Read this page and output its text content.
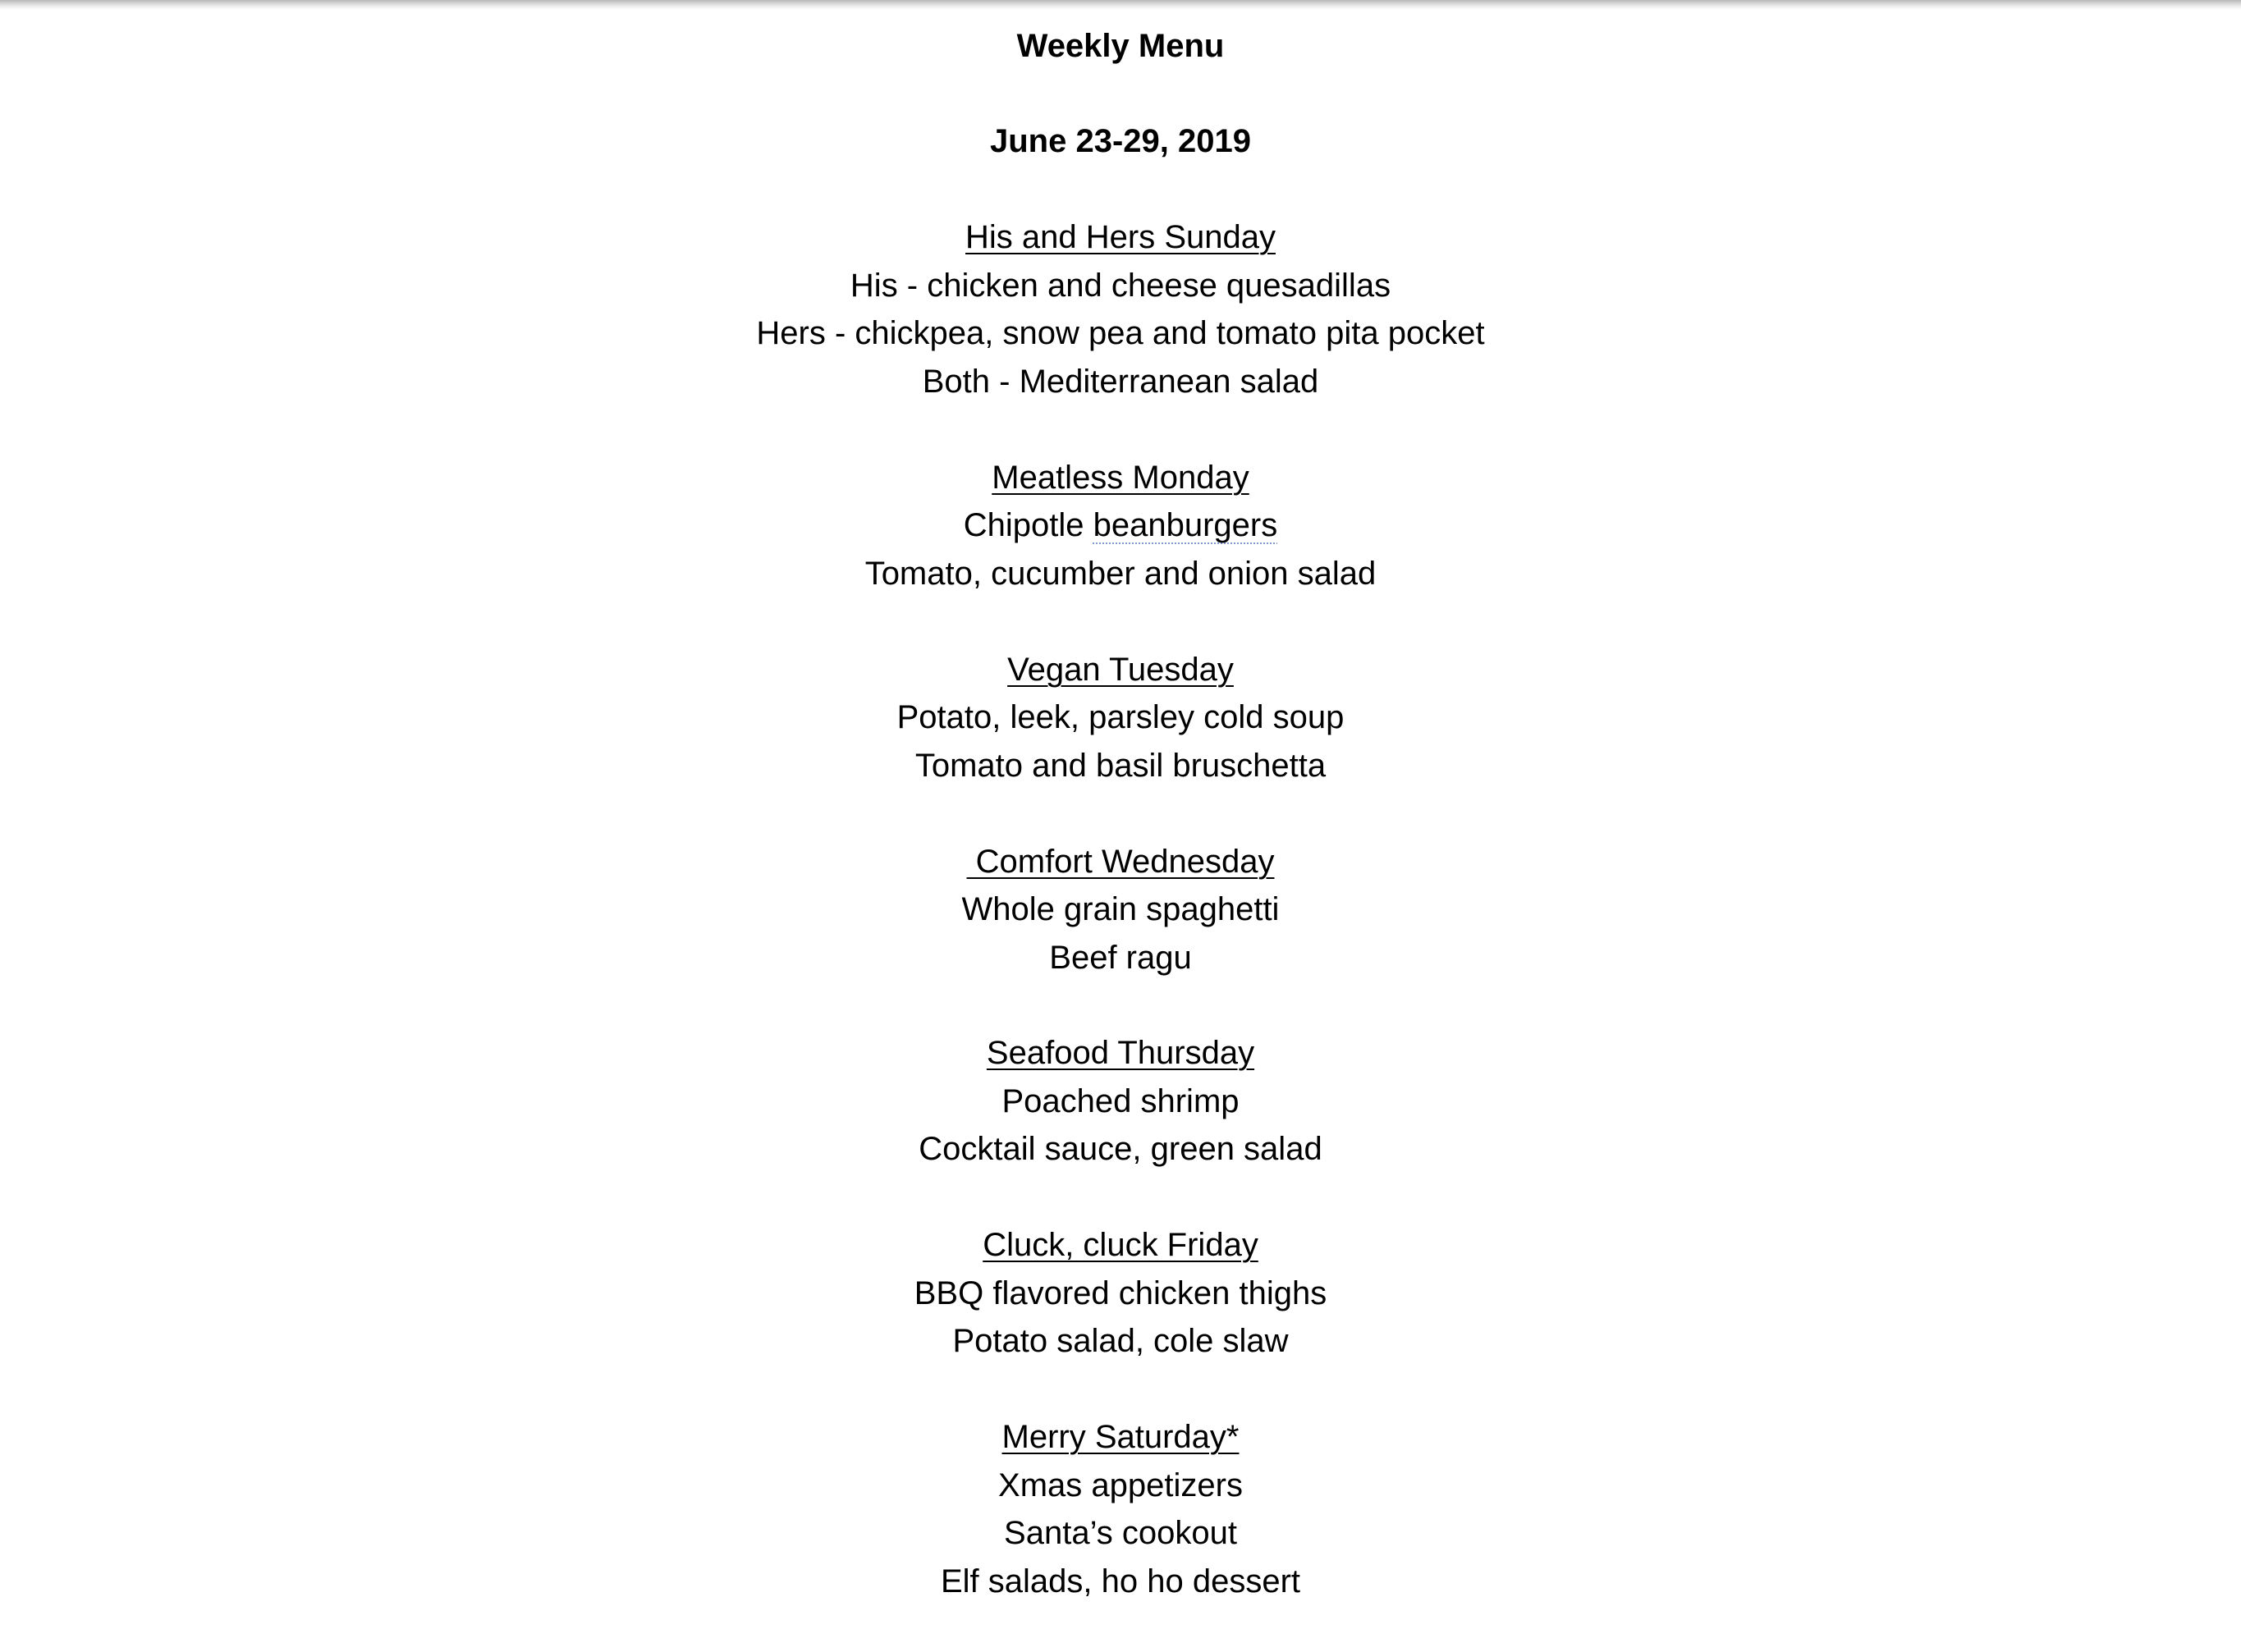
Weekly Menu
June 23-29, 2019
His and Hers Sunday
His - chicken and cheese quesadillas
Hers - chickpea, snow pea and tomato pita pocket
Both - Mediterranean salad
Meatless Monday
Chipotle beanburgers
Tomato, cucumber and onion salad
Vegan Tuesday
Potato, leek, parsley cold soup
Tomato and basil bruschetta
Comfort Wednesday
Whole grain spaghetti
Beef ragu
Seafood Thursday
Poached shrimp
Cocktail sauce, green salad
Cluck, cluck Friday
BBQ flavored chicken thighs
Potato salad, cole slaw
Merry Saturday*
Xmas appetizers
Santa’s cookout
Elf salads, ho ho dessert
